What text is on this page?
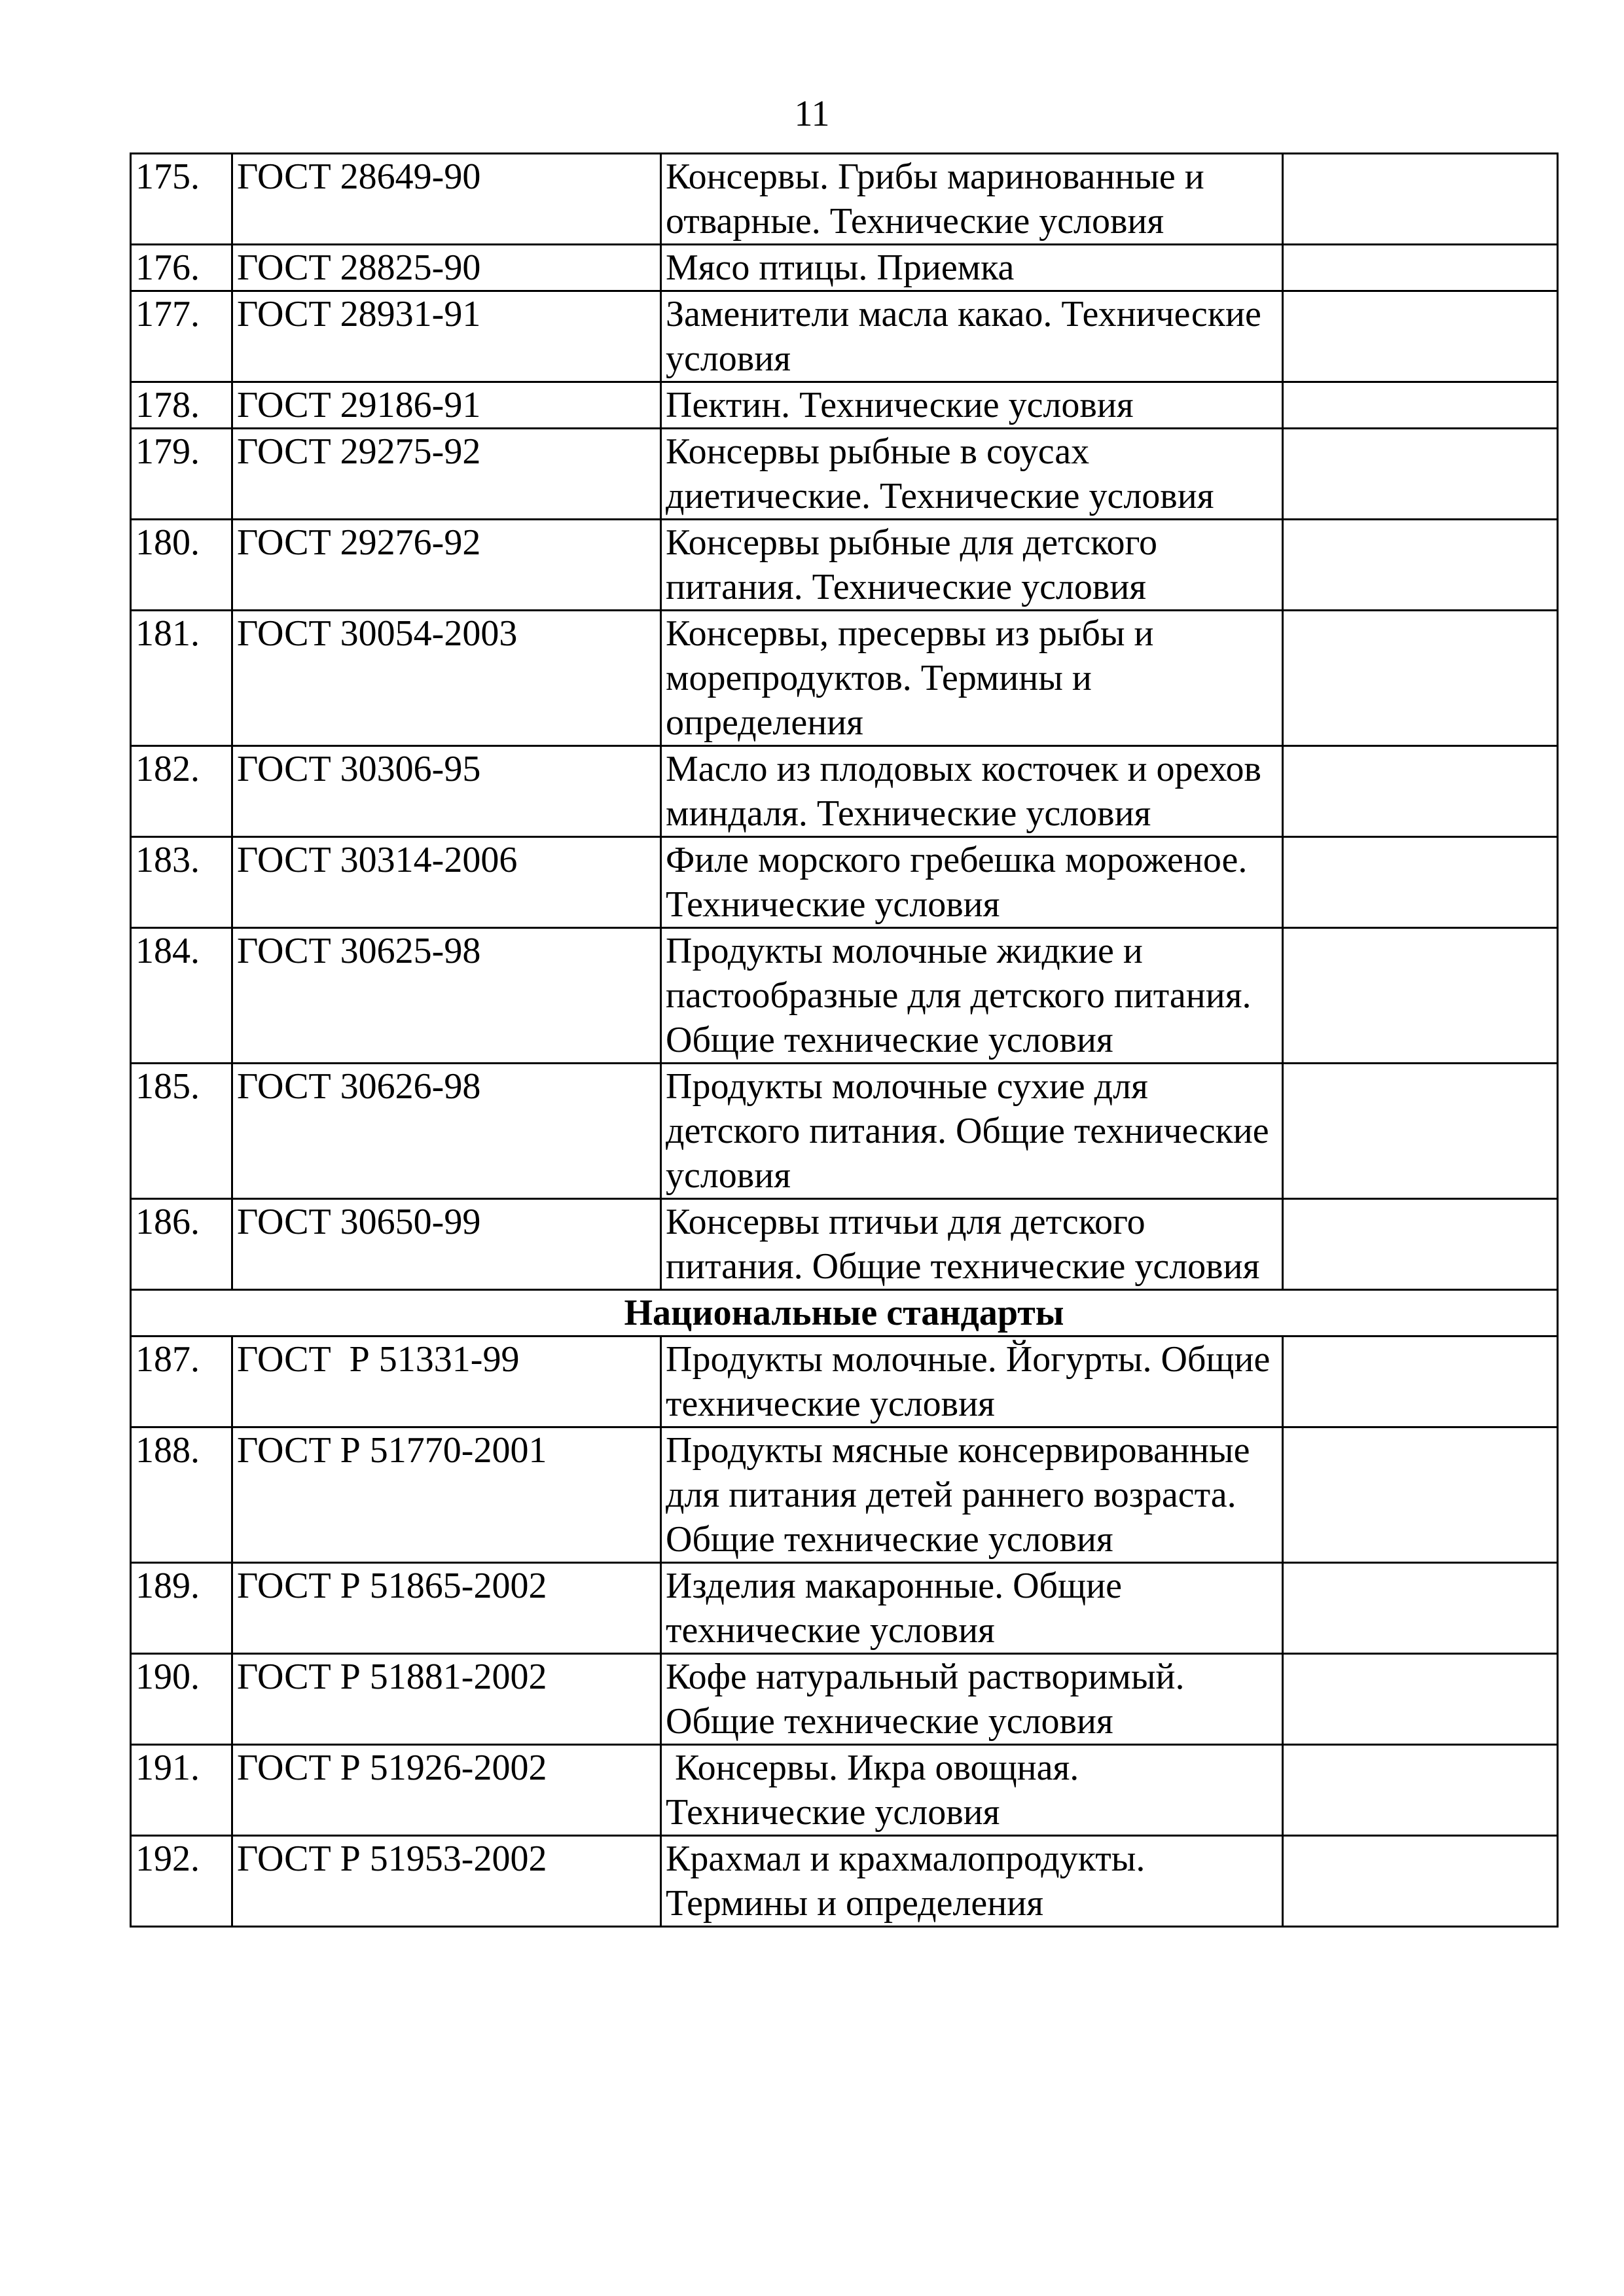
11
175.	ГОСТ 28649-90	Консервы. Грибы маринованные и отварные. Технические условия	
176.	ГОСТ 28825-90	Мясо птицы. Приемка	
177.	ГОСТ 28931-91	Заменители масла какао. Технические условия	
178.	ГОСТ 29186-91	Пектин. Технические условия	
179.	ГОСТ 29275-92	Консервы рыбные в соусах диетические. Технические условия	
180.	ГОСТ 29276-92	Консервы рыбные для детского питания. Технические условия	
181.	ГОСТ 30054-2003	Консервы, пресервы из рыбы и морепродуктов. Термины и определения	
182.	ГОСТ 30306-95	Масло из плодовых косточек и орехов миндаля. Технические условия	
183.	ГОСТ 30314-2006	Филе морского гребешка мороженое. Технические условия	
184.	ГОСТ 30625-98	Продукты молочные жидкие и пастообразные для детского питания. Общие технические условия	
185.	ГОСТ 30626-98	Продукты молочные сухие для детского питания. Общие технические условия	
186.	ГОСТ 30650-99	Консервы птичьи для детского питания. Общие технические условия	
Национальные стандарты			
187.	ГОСТ  Р 51331-99	Продукты молочные. Йогурты. Общие технические условия	
188.	ГОСТ Р 51770-2001	Продукты мясные консервированные для питания детей раннего возраста. Общие технические условия	
189.	ГОСТ Р 51865-2002	Изделия макаронные. Общие технические условия	
190.	ГОСТ Р 51881-2002	Кофе натуральный растворимый. Общие технические условия	
191.	ГОСТ Р 51926-2002	Консервы. Икра овощная. Технические условия	
192.	ГОСТ Р 51953-2002	Крахмал и крахмалопродукты. Термины и определения	
